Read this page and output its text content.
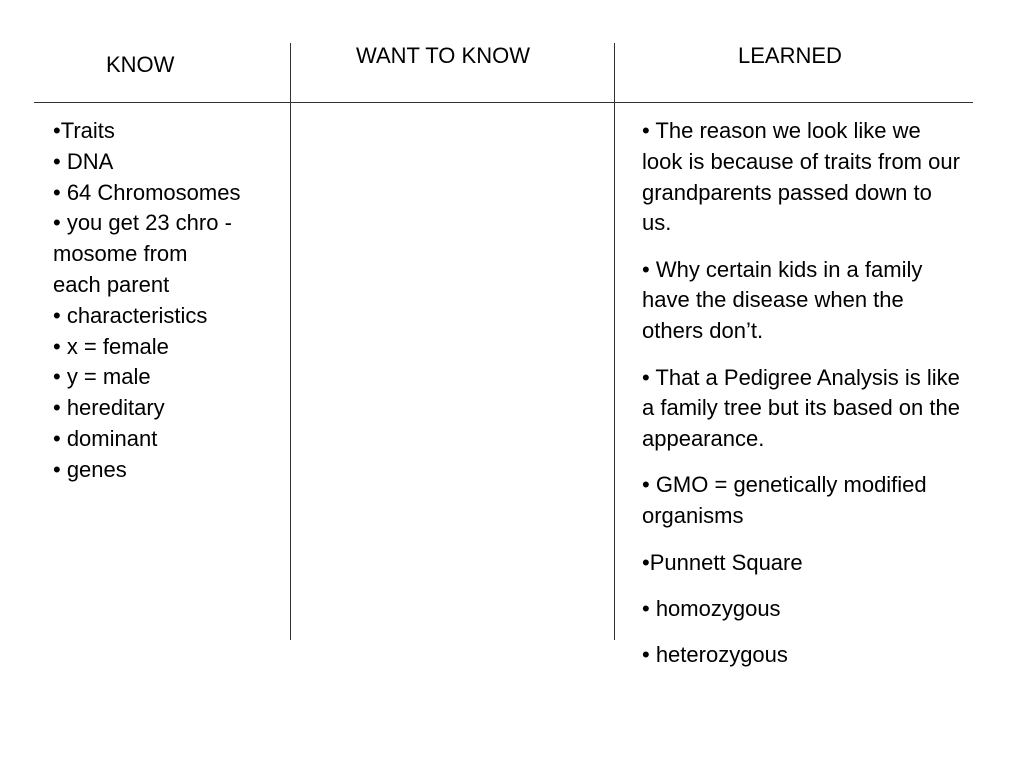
KNOW	WANT TO KNOW	LEARNED
•Traits
• DNA
• 64 Chromosomes
• you get 23 chro -
mosome from
each parent
• characteristics
• x = female
• y = male
• hereditary
• dominant
• genes
• The reason we look like we look is because of traits from our grandparents passed down to us.
• Why certain kids in a family have the disease when the others don’t.
• That a Pedigree Analysis is like a family tree but its based on the appearance.
• GMO = genetically modified organisms
•Punnett Square
• homozygous
• heterozygous
